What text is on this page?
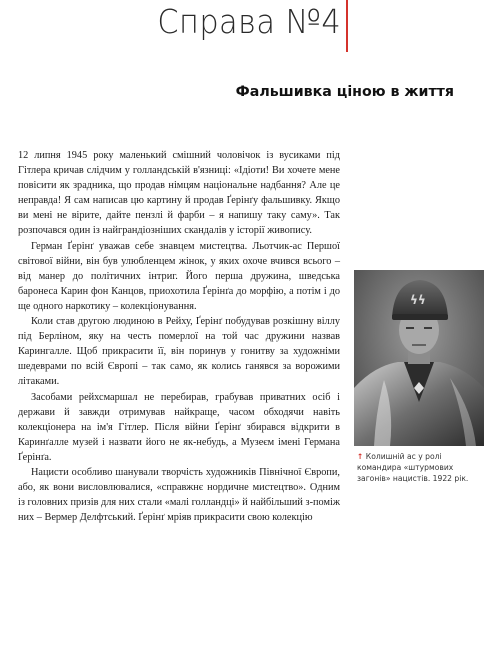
Справа №4
Фальшивка ціною в життя

12 липня 1945 року маленький смішний чоловічок із вусиками під Гітлера кричав слідчим у голландській в'язниці: «Ідіоти! Ви хочете мене повісити як зрадника, що продав німцям національне надбання? Але це неправда! Я сам написав цю картину й продав Ґерінґу фальшивку. Якщо ви мені не вірите, дайте пензлі й фарби – я напишу таку саму». Так розпочався один із найграндіозніших скандалів у історії живопису.

Герман Ґерінґ уважав себе знавцем мистецтва. Льотчик-ас Першої світової війни, він був улюбленцем жінок, у яких охоче вчився всього – від манер до політичних інтриг. Його перша дружина, шведська баронеса Карин фон Канцов, приохотила Ґерінґа до морфію, а потім і до ще одного наркотику – колекціонування.

Коли став другою людиною в Рейху, Ґерінґ побудував розкішну віллу під Берліном, яку на честь померлої на той час дружини назвав Карингалле. Щоб прикрасити її, він поринув у гонитву за художніми шедеврами по всій Європі – так само, як колись ганявся за ворожими літаками.

Засобами рейхсмаршал не перебирав, грабував приватних осіб і держави й завжди отримував найкраще, часом обходячи навіть колекціонера на ім'я Гітлер. Після війни Ґерінґ збирався відкрити в Каринґалле музей і назвати його не як-небудь, а Музеєм імені Германа Ґерінґа.

Нацисти особливо шанували творчість художників Північної Європи, або, як вони висловлювалися, «справжнє нордичне мистецтво». Одним із головних призів для них стали «малі голландці» й найбільший з-поміж них – Вермер Делфтський. Ґерінґ мріяв прикрасити свою колекцію

ϟϟ
↑ Колишній ас у ролі командира «штурмових загонів» нацистів. 1922 рік.
